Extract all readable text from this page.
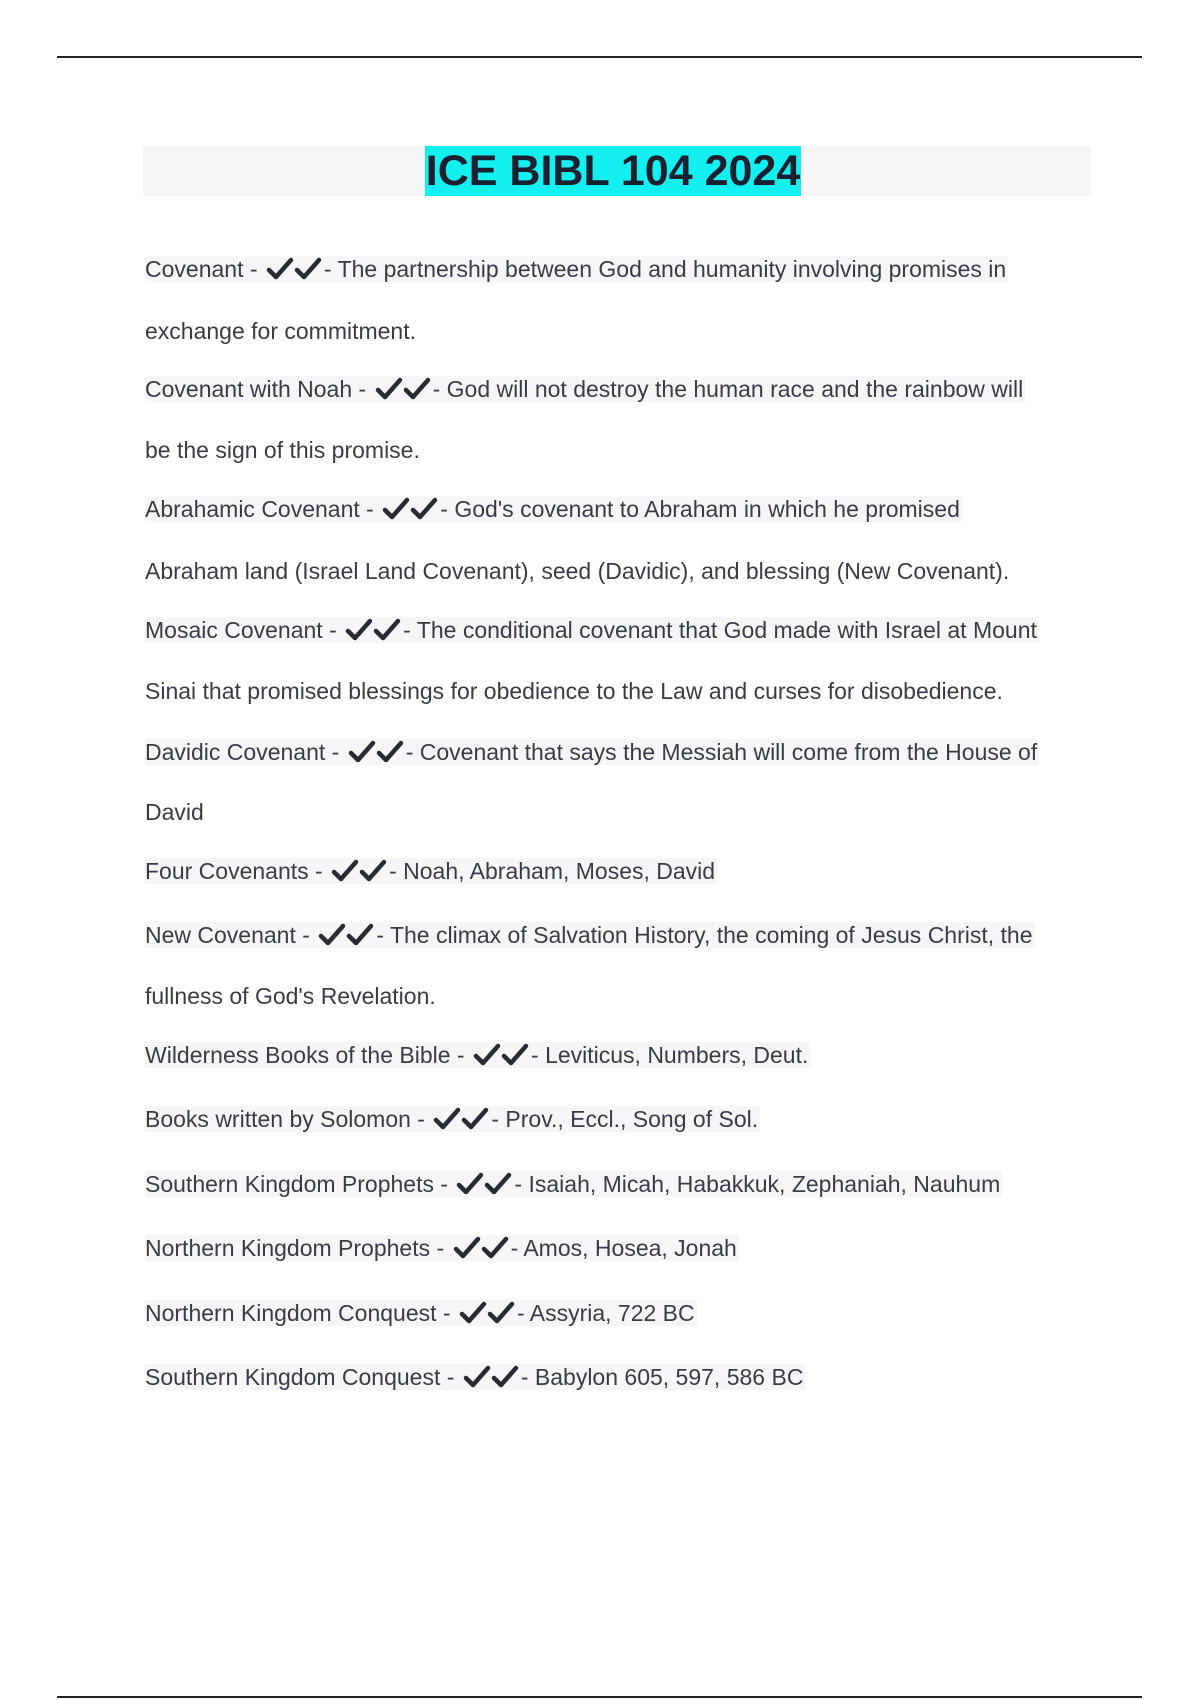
ICE BIBL 104 2024
Covenant -	- The partnership between God and humanity involving promises in
exchange for commitment.
Covenant with Noah -	- God will not destroy the human race and the rainbow will
be the sign of this promise.
Abrahamic Covenant -	- God's covenant to Abraham in which he promised
Abraham land (Israel Land Covenant), seed (Davidic), and blessing (New Covenant).
Mosaic Covenant -	- The conditional covenant that God made with Israel at Mount
Sinai that promised blessings for obedience to the Law and curses for disobedience.
Davidic Covenant -	- Covenant that says the Messiah will come from the House of
David
Four Covenants -	- Noah, Abraham, Moses, David
New Covenant -	- The climax of Salvation History, the coming of Jesus Christ, the
fullness of God's Revelation.
Wilderness Books of the Bible -	- Leviticus, Numbers, Deut.
Books written by Solomon -	- Prov., Eccl., Song of Sol.
Southern Kingdom Prophets -	- Isaiah, Micah, Habakkuk, Zephaniah, Nauhum
Northern Kingdom Prophets -	- Amos, Hosea, Jonah
Northern Kingdom Conquest -	- Assyria, 722 BC
Southern Kingdom Conquest -	- Babylon 605, 597, 586 BC
